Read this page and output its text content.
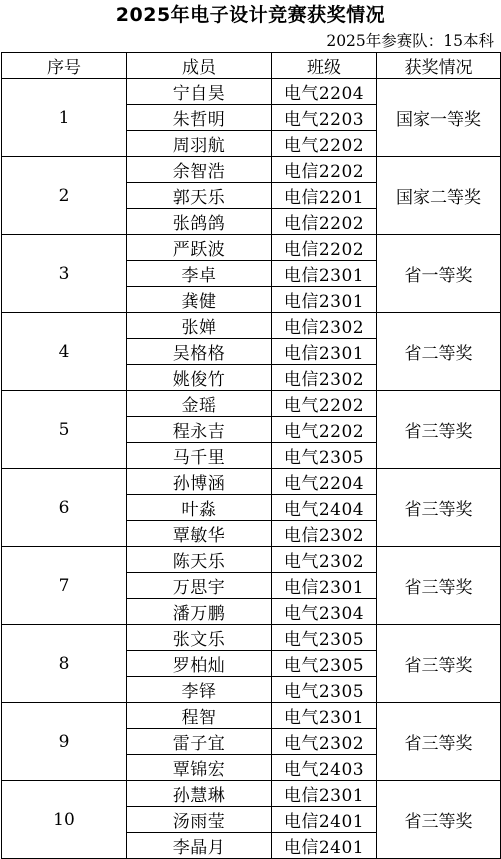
2025年电子设计竞赛获奖情况
2025年参赛队：15本科
序号	成员	班级	获奖情况
1	宁自昊	电气2204	国家一等奖
	朱哲明	电气2203	
	周羽航	电气2202	
2	余智浩	电信2202	国家二等奖
	郭天乐	电信2201	
	张鸽鸽	电信2202	
3	严跃波	电信2202	省一等奖
	李卓	电信2301	
	龚健	电信2301	
4	张婵	电信2302	省二等奖
	吴格格	电信2301	
	姚俊竹	电信2302	
5	金瑶	电气2202	省三等奖
	程永吉	电气2202	
	马千里	电气2305	
6	孙博涵	电气2204	省三等奖
	叶淼	电气2404	
	覃敏华	电信2302	
7	陈天乐	电气2302	省三等奖
	万思宇	电信2301	
	潘万鹏	电气2304	
8	张文乐	电气2305	省三等奖
	罗柏灿	电气2305	
	李铎	电气2305	
9	程智	电气2301	省三等奖
	雷子宜	电气2302	
	覃锦宏	电气2403	
10	孙慧琳	电信2301	省三等奖
	汤雨莹	电信2401	
	李晶月	电信2401	
